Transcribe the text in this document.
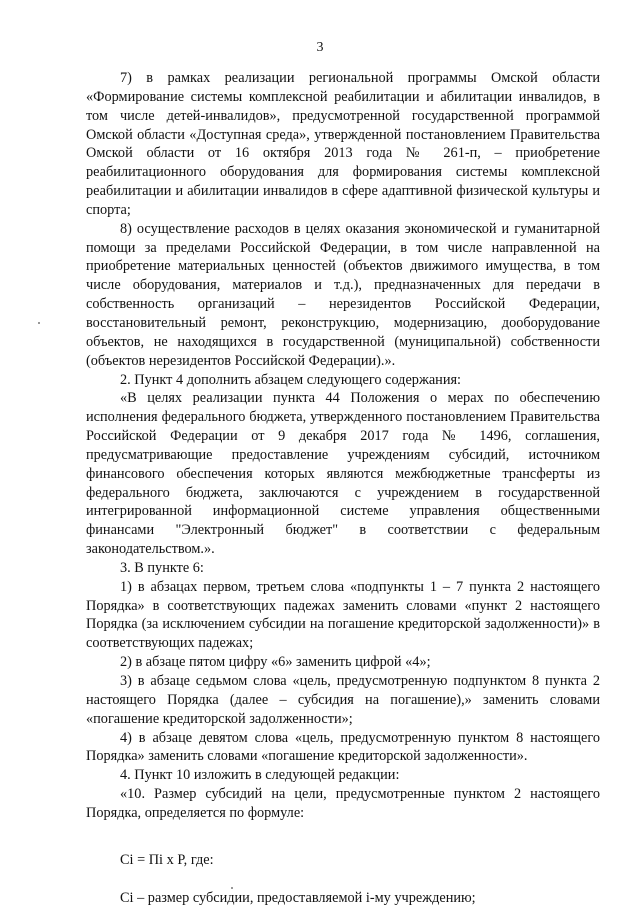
3

7) в рамках реализации региональной программы Омской области «Формирование системы комплексной реабилитации и абилитации инвалидов, в том числе детей-инвалидов», предусмотренной государственной программой Омской области «Доступная среда», утвержденной постановлением Правительства Омской области от 16 октября 2013 года № 261-п, – приобретение реабилитационного оборудования для формирования системы комплексной реабилитации и абилитации инвалидов в сфере адаптивной физической культуры и спорта;

8) осуществление расходов в целях оказания экономической и гуманитарной помощи за пределами Российской Федерации, в том числе направленной на приобретение материальных ценностей (объектов движимого имущества, в том числе оборудования, материалов и т.д.), предназначенных для передачи в собственность организаций – нерезидентов Российской Федерации, восстановительный ремонт, реконструкцию, модернизацию, дооборудование объектов, не находящихся в государственной (муниципальной) собственности (объектов нерезидентов Российской Федерации).».

2. Пункт 4 дополнить абзацем следующего содержания:

«В целях реализации пункта 44 Положения о мерах по обеспечению исполнения федерального бюджета, утвержденного постановлением Правительства Российской Федерации от 9 декабря 2017 года № 1496, соглашения, предусматривающие предоставление учреждениям субсидий, источником финансового обеспечения которых являются межбюджетные трансферты из федерального бюджета, заключаются с учреждением в государственной интегрированной информационной системе управления общественными финансами "Электронный бюджет" в соответствии с федеральным законодательством.».

3. В пункте 6:

1) в абзацах первом, третьем слова «подпункты 1 – 7 пункта 2 настоящего Порядка» в соответствующих падежах заменить словами «пункт 2 настоящего Порядка (за исключением субсидии на погашение кредиторской задолженности)» в соответствующих падежах;

2) в абзаце пятом цифру «6» заменить цифрой «4»;

3) в абзаце седьмом слова «цель, предусмотренную подпунктом 8 пункта 2 настоящего Порядка (далее – субсидия на погашение),» заменить словами «погашение кредиторской задолженности»;

4) в абзаце девятом слова «цель, предусмотренную пунктом 8 настоящего Порядка» заменить словами «погашение кредиторской задолженности».

4. Пункт 10 изложить в следующей редакции:

«10. Размер субсидий на цели, предусмотренные пунктом 2 настоящего Порядка, определяется по формуле:

Ci = Пi x P, где:

Ci – размер субсидии, предоставляемой i-му учреждению;
